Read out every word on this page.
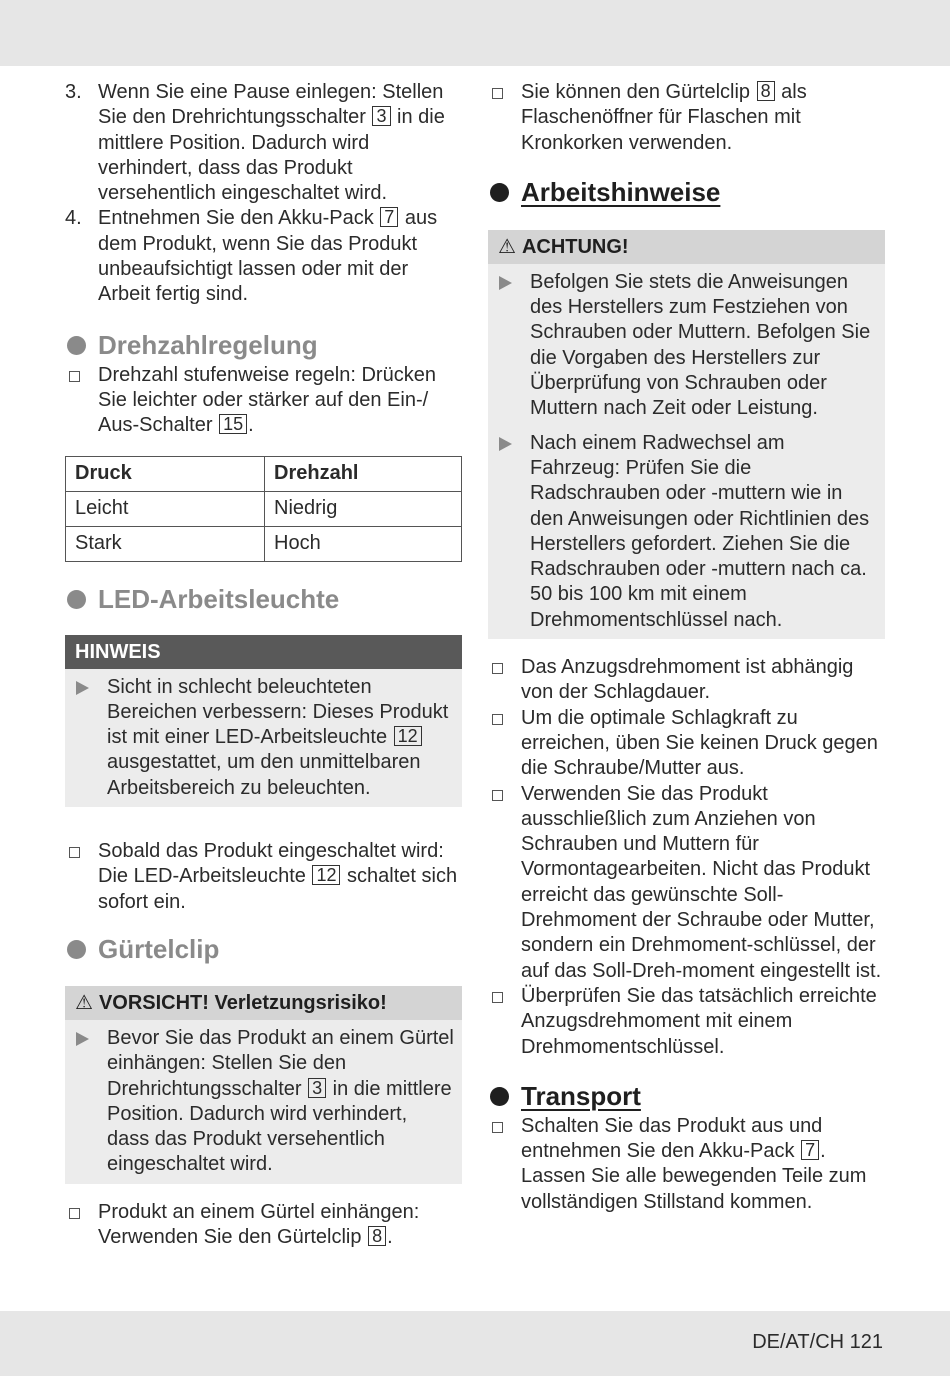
3. Wenn Sie eine Pause einlegen: Stellen Sie den Drehrichtungsschalter 3 in die mittlere Position. Dadurch wird verhindert, dass das Produkt versehentlich eingeschaltet wird.

4. Entnehmen Sie den Akku-Pack 7 aus dem Produkt, wenn Sie das Produkt unbeaufsichtigt lassen oder mit der Arbeit fertig sind.

Drehzahlregelung

Drehzahl stufenweise regeln: Drücken Sie leichter oder stärker auf den Ein-/ Aus-Schalter 15 .

Druck	Drehzahl
Leicht	Niedrig
Stark	Hoch
LED-Arbeitsleuchte
HINWEIS

Sicht in schlecht beleuchteten Bereichen verbessern: Dieses Produkt ist mit einer LED-Arbeitsleuchte 12 ausgestattet, um den unmittelbaren Arbeitsbereich zu beleuchten.

Sobald das Produkt eingeschaltet wird: Die LED-Arbeitsleuchte 12 schaltet sich sofort ein.

Gürtelclip
⚠ VORSICHT! Verletzungsrisiko!

Bevor Sie das Produkt an einem Gürtel einhängen: Stellen Sie den Drehrichtungsschalter 3 in die mittlere Position. Dadurch wird verhindert, dass das Produkt versehentlich eingeschaltet wird.

Produkt an einem Gürtel einhängen: Verwenden Sie den Gürtelclip 8 .

Sie können den Gürtelclip 8 als Flaschenöffner für Flaschen mit Kronkorken verwenden.

Arbeitshinweise
⚠ ACHTUNG!

Befolgen Sie stets die Anweisungen des Herstellers zum Festziehen von Schrauben oder Muttern. Befolgen Sie die Vorgaben des Herstellers zur Überprüfung von Schrauben oder Muttern nach Zeit oder Leistung.

Nach einem Radwechsel am Fahrzeug: Prüfen Sie die Radschrauben oder -muttern wie in den Anweisungen oder Richtlinien des Herstellers gefordert. Ziehen Sie die Radschrauben oder -muttern nach ca. 50 bis 100 km mit einem Drehmomentschlüssel nach.

Das Anzugsdrehmoment ist abhängig von der Schlagdauer.

Um die optimale Schlagkraft zu erreichen, üben Sie keinen Druck gegen die Schraube/Mutter aus.

Verwenden Sie das Produkt ausschließlich zum Anziehen von Schrauben und Muttern für Vormontagearbeiten. Nicht das Produkt erreicht das gewünschte Soll-Drehmoment der Schraube oder Mutter, sondern ein Drehmoment-schlüssel, der auf das Soll-Dreh-moment eingestellt ist.

Überprüfen Sie das tatsächlich erreichte Anzugsdrehmoment mit einem Drehmomentschlüssel.

Transport

Schalten Sie das Produkt aus und entnehmen Sie den Akku-Pack 7 . Lassen Sie alle bewegenden Teile zum vollständigen Stillstand kommen.

DE/AT/CH 121
